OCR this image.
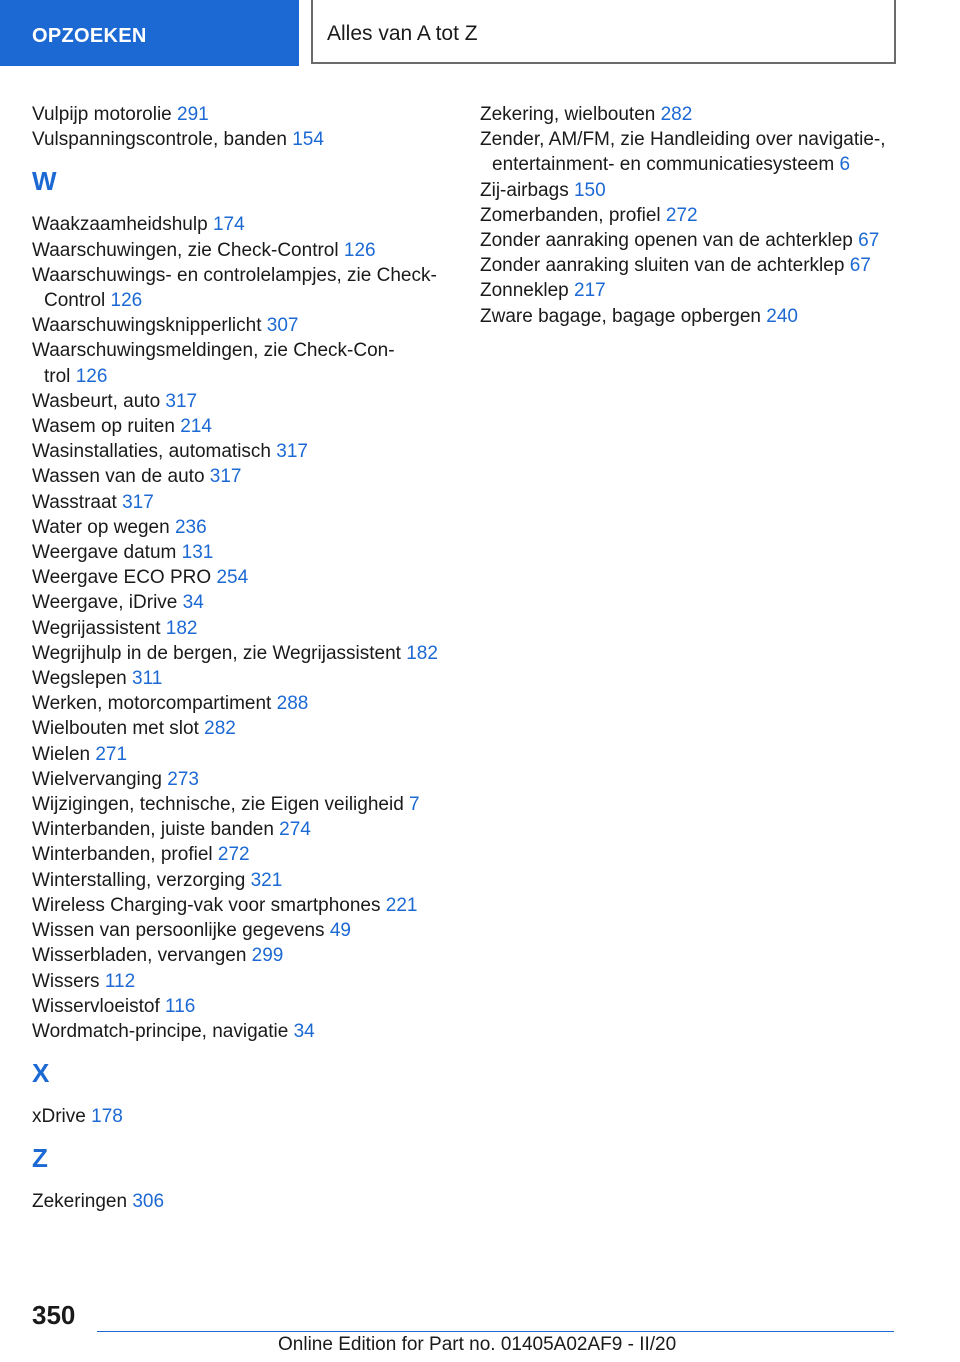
OPZOEKEN	Alles van A tot Z
Vulpijp motorolie 291
Vulspanningscontrole, banden 154
W
Waakzaamheidshulp 174
Waarschuwingen, zie Check-Control 126
Waarschuwings- en controlelampjes, zie Check-
Control 126
Waarschuwingsknipperlicht 307
Waarschuwingsmeldingen, zie Check-Con-
trol 126
Wasbeurt, auto 317
Wasem op ruiten 214
Wasinstallaties, automatisch 317
Wassen van de auto 317
Wasstraat 317
Water op wegen 236
Weergave datum 131
Weergave ECO PRO 254
Weergave, iDrive 34
Wegrijassistent 182
Wegrijhulp in de bergen, zie Wegrijassistent 182
Wegslepen 311
Werken, motorcompartiment 288
Wielbouten met slot 282
Wielen 271
Wielvervanging 273
Wijzigingen, technische, zie Eigen veiligheid 7
Winterbanden, juiste banden 274
Winterbanden, profiel 272
Winterstalling, verzorging 321
Wireless Charging-vak voor smartphones 221
Wissen van persoonlijke gegevens 49
Wisserbladen, vervangen 299
Wissers 112
Wisservloeistof 116
Wordmatch-principe, navigatie 34
X
xDrive 178
Z
Zekeringen 306
Zekering, wielbouten 282
Zender, AM/FM, zie Handleiding over navigatie-,
entertainment- en communicatiesysteem 6
Zij-airbags 150
Zomerbanden, profiel 272
Zonder aanraking openen van de achterklep 67
Zonder aanraking sluiten van de achterklep 67
Zonneklep 217
Zware bagage, bagage opbergen 240
350
Online Edition for Part no. 01405A02AF9 - II/20
